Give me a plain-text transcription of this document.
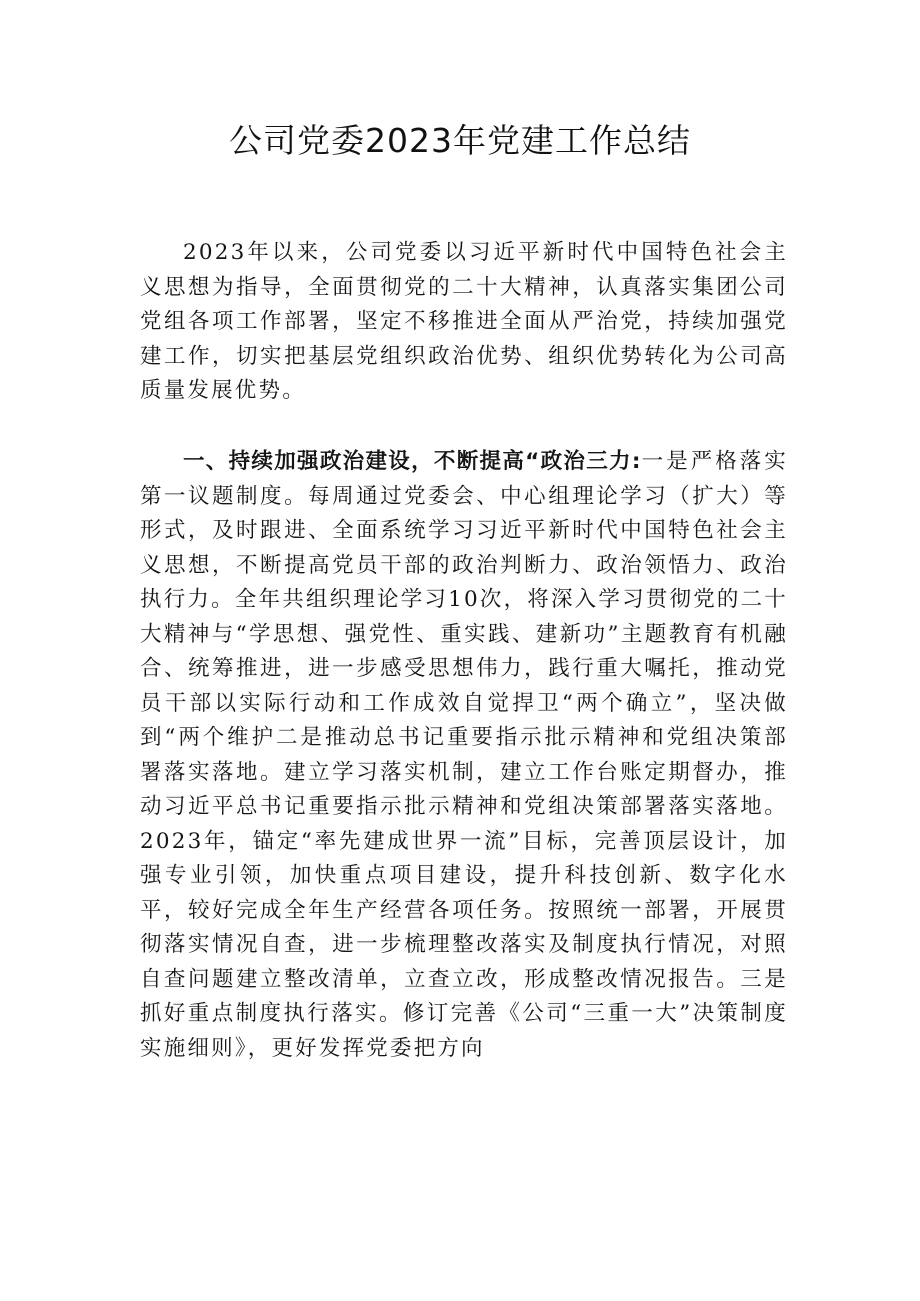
公司党委2023年党建工作总结

2023年以来，公司党委以习近平新时代中国特色社会主义思想为指导，全面贯彻党的二十大精神，认真落实集团公司党组各项工作部署，坚定不移推进全面从严治党，持续加强党建工作，切实把基层党组织政治优势、组织优势转化为公司高质量发展优势。

一、持续加强政治建设，不断提高“政治三力:一是严格落实第一议题制度。每周通过党委会、中心组理论学习（扩大）等形式，及时跟进、全面系统学习习近平新时代中国特色社会主义思想，不断提高党员干部的政治判断力、政治领悟力、政治执行力。全年共组织理论学习10次，将深入学习贯彻党的二十大精神与“学思想、强党性、重实践、建新功”主题教育有机融合、统筹推进，进一步感受思想伟力，践行重大嘱托，推动党员干部以实际行动和工作成效自觉捍卫“两个确立”，坚决做到“两个维护二是推动总书记重要指示批示精神和党组决策部署落实落地。建立学习落实机制，建立工作台账定期督办，推动习近平总书记重要指示批示精神和党组决策部署落实落地。2023年，锚定“率先建成世界一流”目标，完善顶层设计，加强专业引领，加快重点项目建设，提升科技创新、数字化水平，较好完成全年生产经营各项任务。按照统一部署，开展贯彻落实情况自查，进一步梳理整改落实及制度执行情况，对照自查问题建立整改清单，立查立改，形成整改情况报告。三是抓好重点制度执行落实。修订完善《公司“三重一大”决策制度实施细则》，更好发挥党委把方向
